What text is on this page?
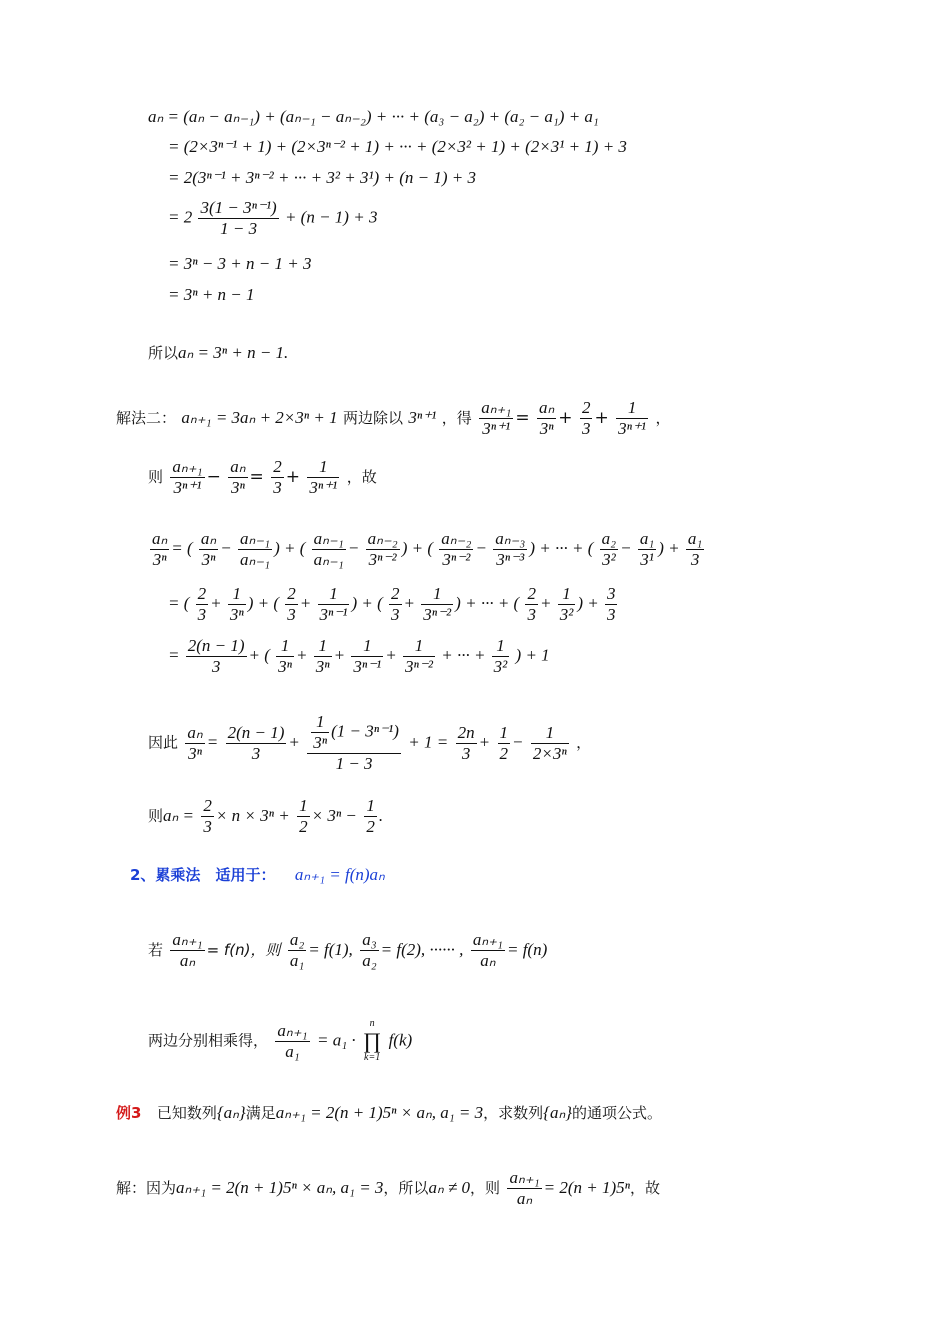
aₙ = (aₙ − aₙ₋₁) + (aₙ₋₁ − aₙ₋₂) + ··· + (a₃ − a₂) + (a₂ − a₁) + a₁
= (2×3ⁿ⁻¹ + 1) + (2×3ⁿ⁻² + 1) + ··· + (2×3² + 1) + (2×3¹ + 1) + 3
= 2(3ⁿ⁻¹ + 3ⁿ⁻² + ··· + 3² + 3¹) + (n − 1) + 3
= $2 \frac{\text{3(1 − 3ⁿ⁻¹)}}{1 - 3} + (n - 1) + 3$
= 3ⁿ − 3 + n − 1 + 3
= 3ⁿ + n − 1
所以aₙ = 3ⁿ + n − 1.
解法二： aₙ₊₁ = 3aₙ + 2×3ⁿ + 1 两边除以 3ⁿ⁺¹ ，得 $\frac{\text{aₙ₊₁}}{\text{3ⁿ⁺¹}} = \frac{\text{aₙ}}{\text{3ⁿ}} + \frac{2}{3} + \frac{1}{\text{3ⁿ⁺¹}}$ ，
则 $\frac{\text{aₙ₊₁}}{\text{3ⁿ⁺¹}} - \frac{\text{aₙ}}{\text{3ⁿ}} = \frac{2}{3} + \frac{1}{\text{3ⁿ⁺¹}}$ ，故
$\frac{\text{aₙ}}{\text{3ⁿ}}$ = ( $\frac{\text{aₙ}}{\text{3ⁿ}} - \frac{\text{aₙ₋₁}}{\text{aₙ₋₁}}$ ) + ( $\frac{\text{aₙ₋₁}}{\text{aₙ₋₁}} - \frac{\text{aₙ₋₂}}{\text{3ⁿ⁻²}}$ ) + ( $\frac{\text{aₙ₋₂}}{\text{3ⁿ⁻²}} - \frac{\text{aₙ₋₃}}{\text{3ⁿ⁻³}}$ ) + ··· + ( $\frac{\text{a₂}}{\text{3²}} - \frac{\text{a₁}}{\text{3¹}}$ ) + $\frac{\text{a₁}}{3}$
= ( $\frac{2}{3} + \frac{1}{\text{3ⁿ}}$ ) + ( $\frac{2}{3} + \frac{1}{\text{3ⁿ⁻¹}}$ ) + ( $\frac{2}{3} + \frac{1}{\text{3ⁿ⁻²}}$ ) + ··· + ( $\frac{2}{3} + \frac{1}{\text{3²}}$ ) + $\frac{3}{3}$
= $\frac{2(n - 1)}{3}$ + ( $\frac{1}{\text{3ⁿ}} + \frac{1}{\text{3ⁿ}} + \frac{1}{\text{3ⁿ⁻¹}} + \frac{1}{\text{3ⁿ⁻²}}$ + ··· + $\frac{1}{\text{3²}}$ ) + 1
因此 $\frac{\text{aₙ}}{\text{3ⁿ}} = \frac{2(n - 1)}{3} + \frac{\frac{1}{\text{3ⁿ}} (1 - 3^{n-1})}{1 - 3} + 1 = \frac{2n}{3} + \frac{1}{2} - \frac{1}{\text{2×3ⁿ}}$ ，
则$a_n = \frac{2}{3} \times n \times 3^n + \frac{1}{2} \times 3^n - \frac{1}{2}$ .
2、累乘法　适用于： aₙ₊₁ = f(n)aₙ
若 $\frac{\text{aₙ₊₁}}{\text{aₙ}} = f(n)$，则 $\frac{\text{a₂}}{\text{a₁}} = f(1)$, $\frac{\text{a₃}}{\text{a₂}} = f(2)$, ······ , $\frac{\text{aₙ₊₁}}{\text{aₙ}} = f(n)$
两边分别相乘得， $\frac{\text{aₙ₊₁}}{\text{a₁}} = a_1$ ·
n
∏
k=1
f(k)
例3 已知数列{aₙ}满足aₙ₊₁ = 2(n + 1)5ⁿ × aₙ, a₁ = 3，求数列{aₙ}的通项公式。
解：因为aₙ₊₁ = 2(n + 1)5ⁿ × aₙ, a₁ = 3，所以aₙ ≠ 0，则 $\frac{\text{aₙ₊₁}}{\text{aₙ}} = 2(n + 1)5^n$，故
